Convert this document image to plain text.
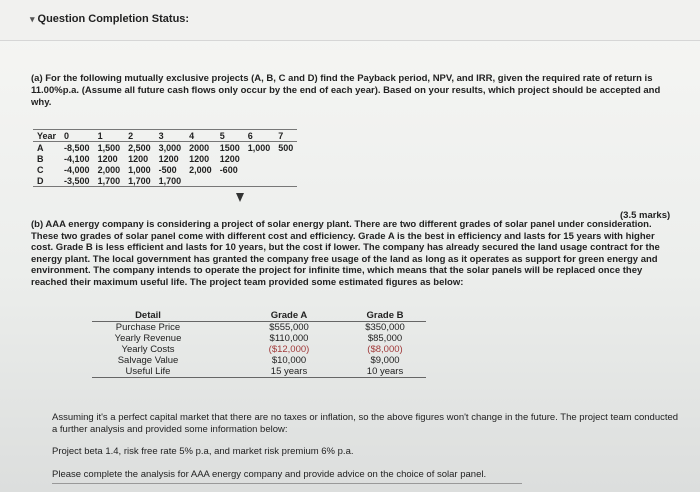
▾ Question Completion Status:
(a) For the following mutually exclusive projects (A, B, C and D) find the Payback period, NPV, and IRR, given the required rate of return is 11.00%p.a. (Assume all future cash flows only occur by the end of each year). Based on your results, which project should be accepted and why.
Year	0	1	2	3	4	5	6	7
A	-8,500	1,500	2,500	3,000	2000	1500	1,000	500
B	-4,100	1200	1200	1200	1200	1200		
C	-4,000	2,000	1,000	-500	2,000	-600		
D	-3,500	1,700	1,700	1,700				
(3.5 marks)
(b) AAA energy company is considering a project of solar energy plant. There are two different grades of solar panel under consideration. These two grades of solar panel come with different cost and efficiency. Grade A is the best in efficiency and lasts for 15 years with higher cost. Grade B is less efficient and lasts for 10 years, but the cost if lower. The company has already secured the land usage contract for the energy plant. The local government has granted the company free usage of the land as long as it operates as support for green energy and environment. The company intends to operate the project for infinite time, which means that the solar panels will be replaced once they reached their maximum useful life. The project team provided some estimated figures as below:
Detail	Grade A	Grade B
Purchase Price	$555,000	$350,000
Yearly Revenue	$110,000	$85,000
Yearly Costs	($12,000)	($8,000)
Salvage Value	$10,000	$9,000
Useful Life	15 years	10 years
Assuming it's a perfect capital market that there are no taxes or inflation, so the above figures won't change in the future. The project team conducted a further analysis and provided some information below:
Project beta 1.4, risk free rate 5% p.a, and market risk premium 6% p.a.
Please complete the analysis for AAA energy company and provide advice on the choice of solar panel.
